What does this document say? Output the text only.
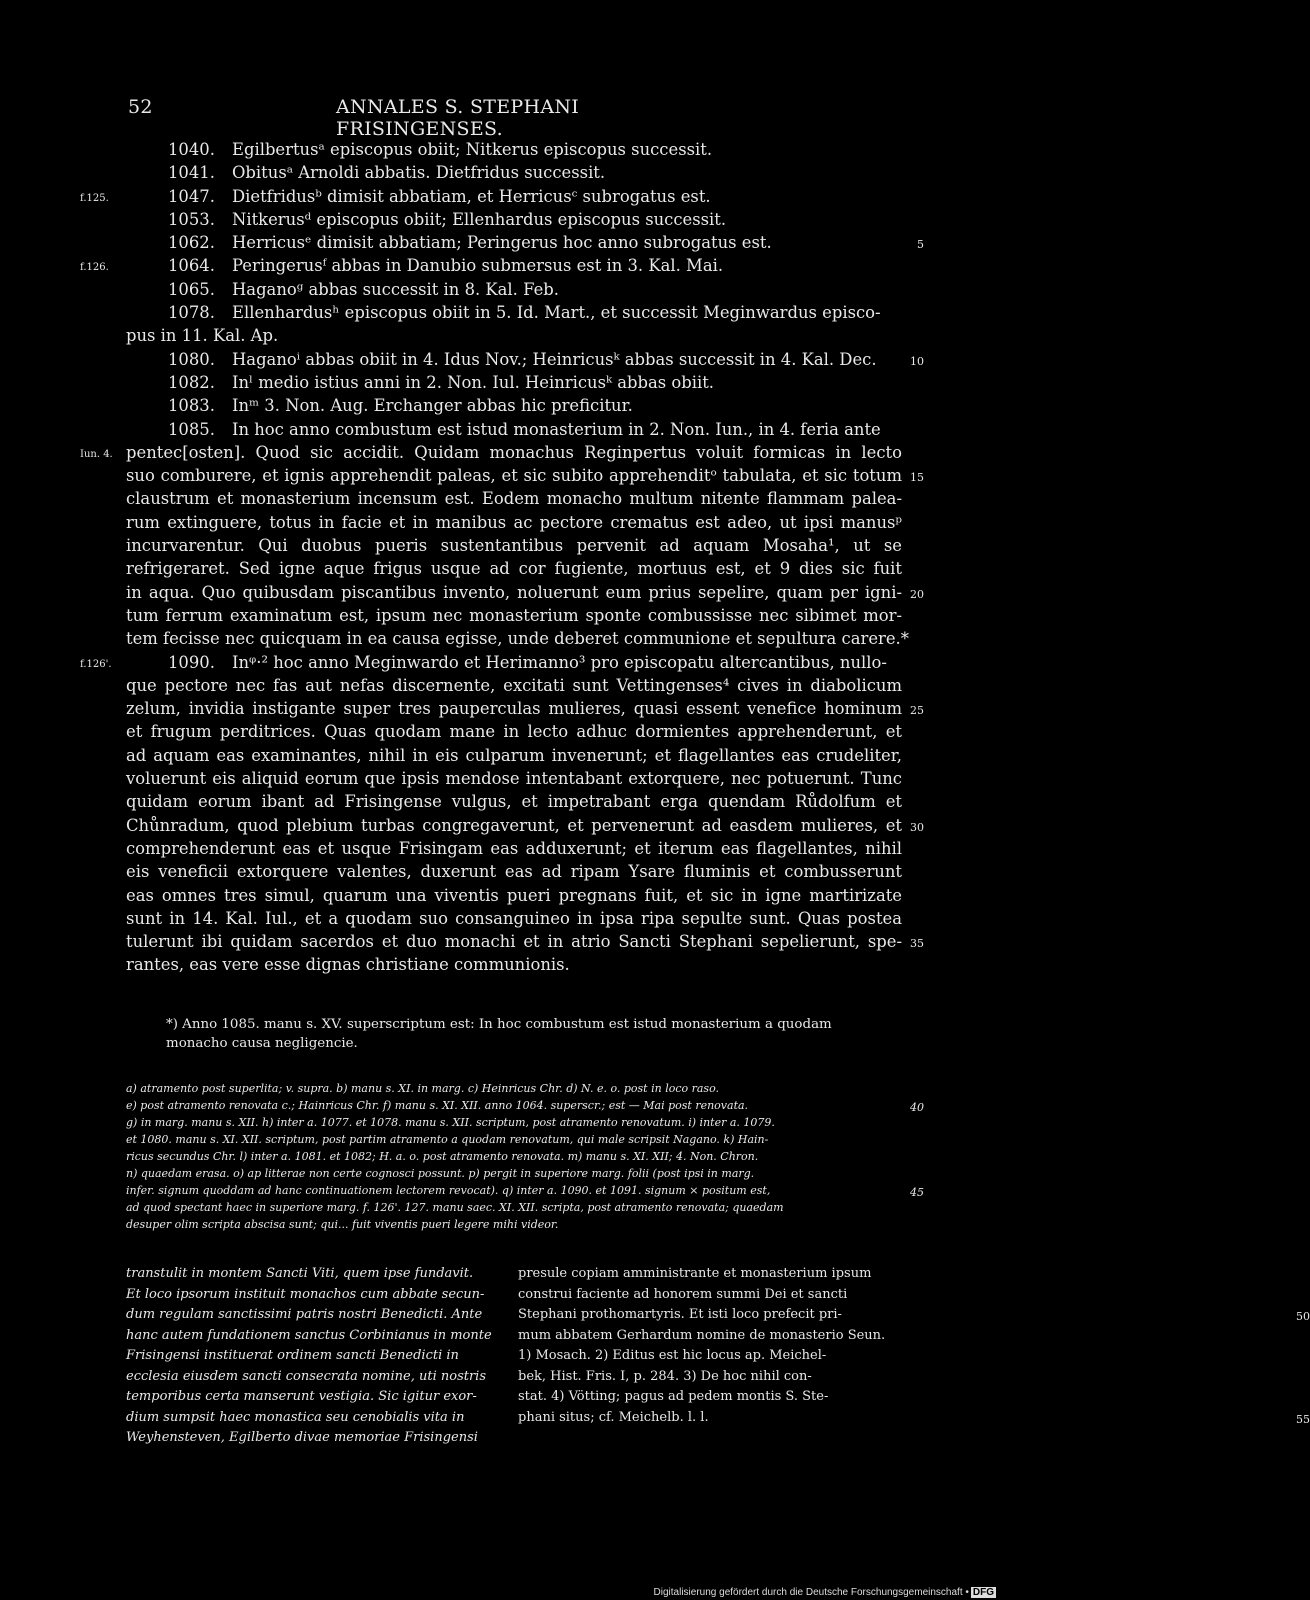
52	ANNALES S. STEPHANI FRISINGENSES.
1040. Egilbertusᵃ episcopus obiit; Nitkerus episcopus successit.
1041. Obitusᵃ Arnoldi abbatis. Dietfridus successit.
f.125.	1047. Dietfridusᵇ dimisit abbatiam, et Herricusᶜ subrogatus est.
1053. Nitkerusᵈ episcopus obiit; Ellenhardus episcopus successit.
1062. Herricusᵉ dimisit abbatiam; Peringerus hoc anno subrogatus est.	5
f.126.	1064. Peringerusᶠ abbas in Danubio submersus est in 3. Kal. Mai.
1065. Haganoᵍ abbas successit in 8. Kal. Feb.
1078. Ellenhardusʰ episcopus obiit in 5. Id. Mart., et successit Meginwardus episco-
pus in 11. Kal. Ap.
1080. Haganoⁱ abbas obiit in 4. Idus Nov.; Heinricusᵏ abbas successit in 4. Kal. Dec.	10
1082. Inˡ medio istius anni in 2. Non. Iul. Heinricusᵏ abbas obiit.
1083. Inᵐ 3. Non. Aug. Erchanger abbas hic preficitur.
1085. In hoc anno combustum est istud monasterium in 2. Non. Iun., in 4. feria ante
Iun. 4. pentec[osten]. Quod sic accidit. Quidam monachus Reginpertus voluit formicas in lecto
suo comburere, et ignis apprehendit paleas, et sic subito apprehenditᵒ tabulata, et sic totum 15
claustrum et monasterium incensum est. Eodem monacho multum nitente flammam palea-
rum extinguere, totus in facie et in manibus ac pectore crematus est adeo, ut ipsi manusᵖ
incurvarentur. Qui duobus pueris sustentantibus pervenit ad aquam Mosaha¹, ut se
refrigeraret. Sed igne aque frigus usque ad cor fugiente, mortuus est, et 9 dies sic fuit
in aqua. Quo quibusdam piscantibus invento, noluerunt eum prius sepelire, quam per igni- 20
tum ferrum examinatum est, ipsum nec monasterium sponte combussisse nec sibimet mor-
tem fecisse nec quicquam in ea causa egisse, unde deberet communione et sepultura carere.*
f.126'.	1090. Inᵠ·² hoc anno Meginwardo et Herimanno³ pro episcopatu altercantibus, nullo-
que pectore nec fas aut nefas discernente, excitati sunt Vettingenses⁴ cives in diabolicum
zelum, invidia instigante super tres pauperculas mulieres, quasi essent venefice hominum 25
et frugum perditrices. Quas quodam mane in lecto adhuc dormientes apprehenderunt, et
ad aquam eas examinantes, nihil in eis culparum invenerunt; et flagellantes eas crudeliter,
voluerunt eis aliquid eorum que ipsis mendose intentabant extorquere, nec potuerunt. Tunc
quidam eorum ibant ad Frisingense vulgus, et impetrabant erga quendam Růdolfum et
Chůnradum, quod plebium turbas congregaverunt, et pervenerunt ad easdem mulieres, et 30
comprehenderunt eas et usque Frisingam eas adduxerunt; et iterum eas flagellantes, nihil
eis veneficii extorquere valentes, duxerunt eas ad ripam Ysare fluminis et combusserunt
eas omnes tres simul, quarum una viventis pueri pregnans fuit, et sic in igne martirizate
sunt in 14. Kal. Iul., et a quodam suo consanguineo in ipsa ripa sepulte sunt. Quas postea
tulerunt ibi quidam sacerdos et duo monachi et in atrio Sancti Stephani sepelierunt, spe- 35
rantes, eas vere esse dignas christiane communionis.
*) Anno 1085. manu s. XV. superscriptum est: In hoc combustum est istud monasterium a quodam
monacho causa negligencie.
a) atramento post superlita; v. supra. b) manu s. XI. in marg. c) Heinricus Chr. d) N. e. o. post in loco raso.
e) post atramento renovata c.; Hainricus Chr. f) manu s. XI. XII. anno 1064. superscr.; est — Mai post renovata.	40
g) in marg. manu s. XII. h) inter a. 1077. et 1078. manu s. XII. scriptum, post atramento renovatum. i) inter a. 1079.
et 1080. manu s. XI. XII. scriptum, post partim atramento a quodam renovatum, qui male scripsit Nagano. k) Hain-
ricus secundus Chr. l) inter a. 1081. et 1082; H. a. o. post atramento renovata. m) manu s. XI. XII; 4. Non. Chron.
n) quaedam erasa. o) ap litterae non certe cognosci possunt. p) pergit in superiore marg. folii (post ipsi in marg.
infer. signum quoddam ad hanc continuationem lectorem revocat). q) inter a. 1090. et 1091. signum ⨯ positum est,	45
ad quod spectant haec in superiore marg. f. 126'. 127. manu saec. XI. XII. scripta, post atramento renovata; quaedam
desuper olim scripta abscisa sunt; qui... fuit viventis pueri legere mihi videor.
transtulit in montem Sancti Viti, quem ipse fundavit.
Et loco ipsorum instituit monachos cum abbate secun-
dum regulam sanctissimi patris nostri Benedicti. Ante
hanc autem fundationem sanctus Corbinianus in monte
Frisingensi instituerat ordinem sancti Benedicti in
ecclesia eiusdem sancti consecrata nomine, uti nostris
temporibus certa manserunt vestigia. Sic igitur exor-
dium sumpsit haec monastica seu cenobialis vita in
Weyhensteven, Egilberto divae memoriae Frisingensi
presule copiam amministrante et monasterium ipsum
construi faciente ad honorem summi Dei et sancti
Stephani prothomartyris. Et isti loco prefecit pri-	50
mum abbatem Gerhardum nomine de monasterio Seun.
1) Mosach. 2) Editus est hic locus ap. Meichel-
bek, Hist. Fris. I, p. 284. 3) De hoc nihil con-
stat. 4) Vötting; pagus ad pedem montis S. Ste-
phani situs; cf. Meichelb. l. l.	55
Digitalisierung gefördert durch die Deutsche Forschungsgemeinschaft • DFG
